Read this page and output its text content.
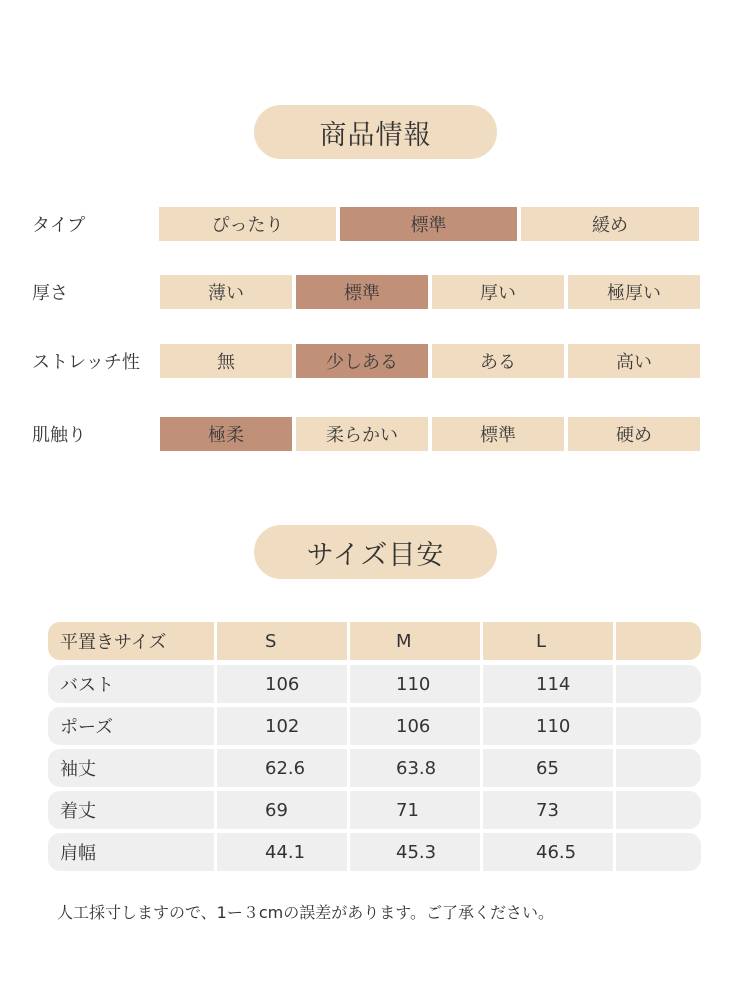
商品情報
タイプ	ぴったり	標準	緩め
厚さ	薄い	標準	厚い	極厚い
ストレッチ性	無	少しある	ある	高い
肌触り	極柔	柔らかい	標準	硬め
サイズ目安
平置きサイズ	S	M	L
バスト	106	110	114
ポーズ	102	106	110
袖丈	62.6	63.8	65
着丈	69	71	73
肩幅	44.1	45.3	46.5
人工採寸しますので、1ー３cmの誤差があります。ご了承ください。
